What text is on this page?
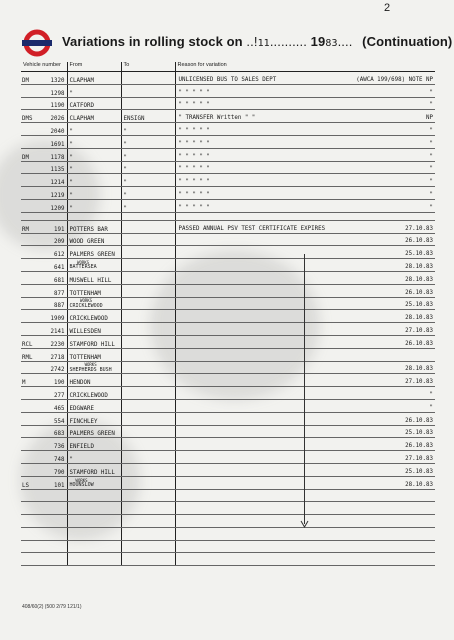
2
Variations in rolling stock on ..!11.......... 1983.... (Continuation)
Vehicle number		From	To	Reason for variation
DM	1320	CLAPHAM		UNLICENSED BUS TO SALES DEPT (AWCA 199/698) NOTE NP

	1298	"		" " " " " "

	1190	CATFORD		" " " " " "

DMS	2026	CLAPHAM	ENSIGN	" TRANSFER Written " " NP

	2040	"	"	" " " " " "

	1691	"	"	" " " " " "

DM	1178	"	"	" " " " " "

	1135	"	"	" " " " " "

	1214	"	"	" " " " " "

	1219	"	"	" " " " " "

	1209	"	"	" " " " " "

RM	191	POTTERS BAR		PASSED ANNUAL PSV TEST CERTIFICATE EXPIRES 27.10.83

	209	WOOD GREEN		26.10.83

	612	PALMERS GREEN		25.10.83

	641	WORKS
BATTERSEA		28.10.83

	681	MUSWELL HILL		28.10.83

	877	TOTTENHAM		26.10.83

	887	WORKS
CRICKLEWOOD		25.10.83

	1909	CRICKLEWOOD		28.10.83

	2141	WILLESDEN		27.10.83

RCL	2230	STAMFORD HILL		26.10.83

RML	2718	TOTTENHAM		

	2742	WORKS
SHEPHERDS BUSH		28.10.83

M	190	HENDON		27.10.83

	277	CRICKLEWOOD		"

	465	EDGWARE		"

	554	FINCHLEY		26.10.83

	683	PALMERS GREEN		25.10.83

	736	ENFIELD		26.10.83

	748	"		27.10.83

	790	STAMFORD HILL		25.10.83

LS	101	WORKS
HOUNSLOW		28.10.83

408/60(2) (500 2/79 121/1)
